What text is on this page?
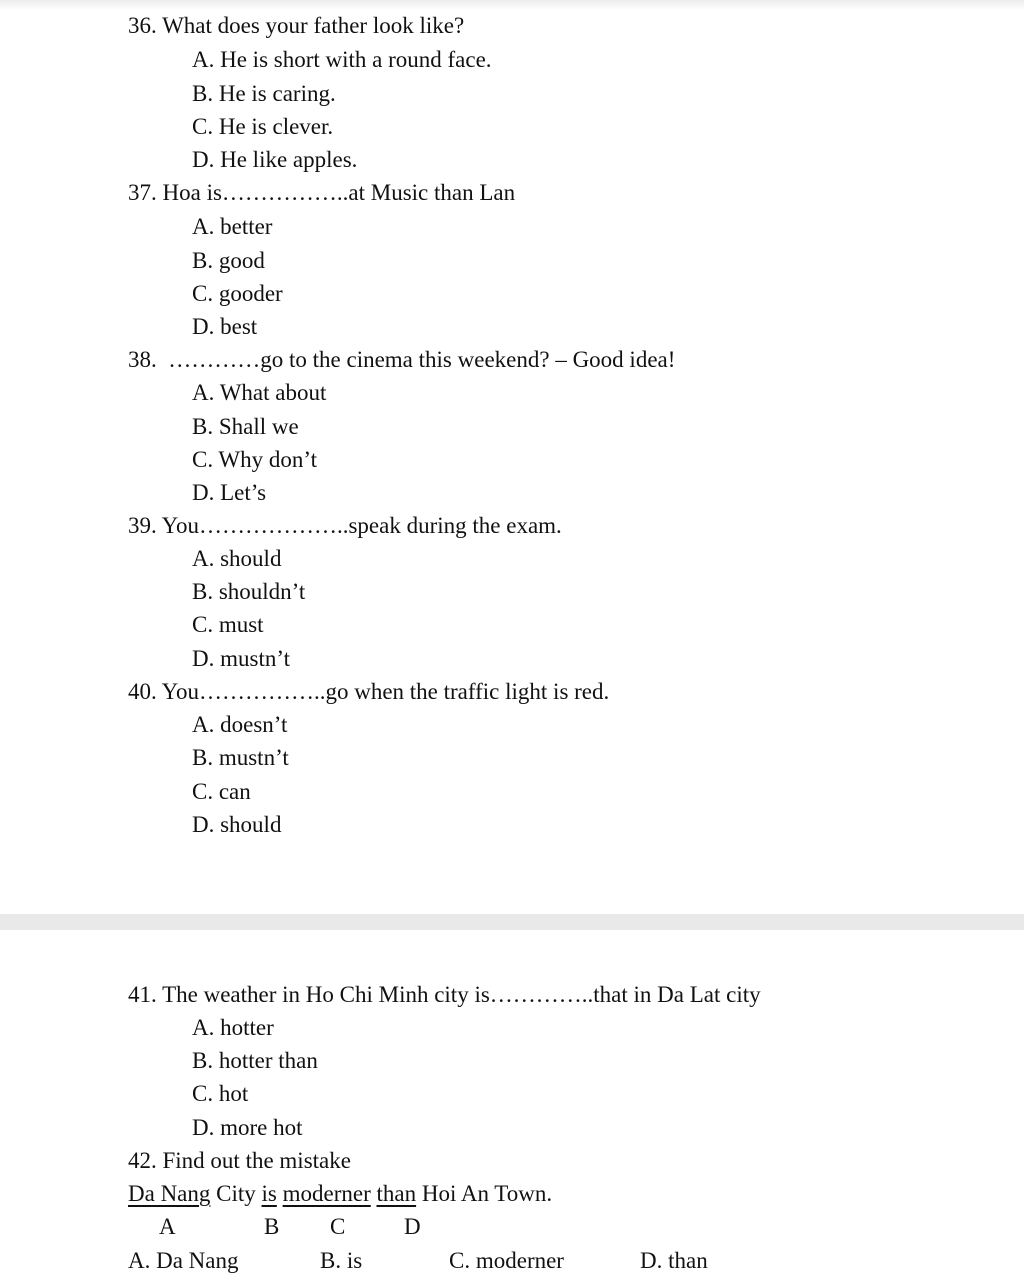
36. What does your father look like?
A. He is short with a round face.
B. He is caring.
C. He is clever.
D. He like apples.
37. Hoa is……………..at Music than Lan
A. better
B. good
C. gooder
D. best
38. …………go to the cinema this weekend? – Good idea!
A. What about
B. Shall we
C. Why don’t
D. Let’s
39. You………………..speak during the exam.
A. should
B. shouldn’t
C. must
D. mustn’t
40. You……………..go when the traffic light is red.
A. doesn’t
B. mustn’t
C. can
D. should
41. The weather in Ho Chi Minh city is…………..that in Da Lat city
A. hotter
B. hotter than
C. hot
D. more hot
42. Find out the mistake
Da Nang City is moderner than Hoi An Town.
A	B C	D
A. Da Nang	B. is	C. moderner	D. than
